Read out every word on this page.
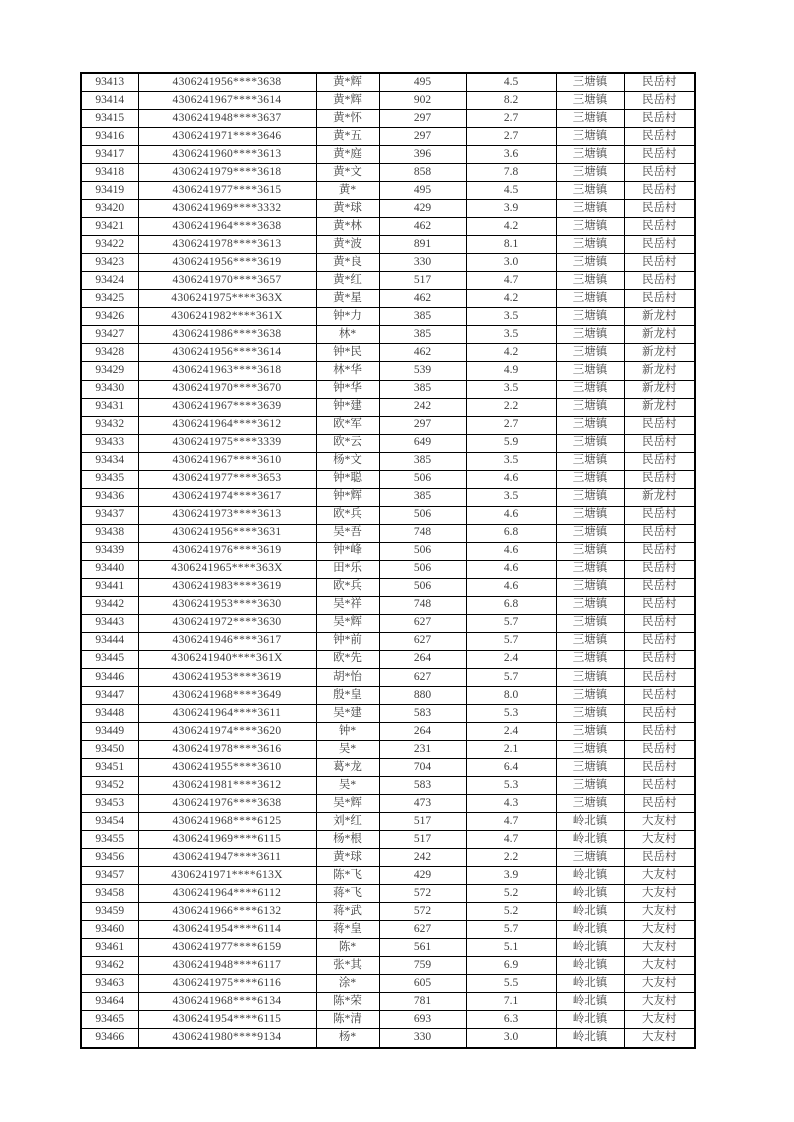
93413	4306241956****3638	黄*辉	495	4.5	三塘镇	民岳村
93414	4306241967****3614	黄*辉	902	8.2	三塘镇	民岳村
93415	4306241948****3637	黄*怀	297	2.7	三塘镇	民岳村
93416	4306241971****3646	黄*五	297	2.7	三塘镇	民岳村
93417	4306241960****3613	黄*庭	396	3.6	三塘镇	民岳村
93418	4306241979****3618	黄*文	858	7.8	三塘镇	民岳村
93419	4306241977****3615	黄*	495	4.5	三塘镇	民岳村
93420	4306241969****3332	黄*球	429	3.9	三塘镇	民岳村
93421	4306241964****3638	黄*林	462	4.2	三塘镇	民岳村
93422	4306241978****3613	黄*波	891	8.1	三塘镇	民岳村
93423	4306241956****3619	黄*良	330	3.0	三塘镇	民岳村
93424	4306241970****3657	黄*红	517	4.7	三塘镇	民岳村
93425	4306241975****363X	黄*星	462	4.2	三塘镇	民岳村
93426	4306241982****361X	钟*力	385	3.5	三塘镇	新龙村
93427	4306241986****3638	林*	385	3.5	三塘镇	新龙村
93428	4306241956****3614	钟*民	462	4.2	三塘镇	新龙村
93429	4306241963****3618	林*华	539	4.9	三塘镇	新龙村
93430	4306241970****3670	钟*华	385	3.5	三塘镇	新龙村
93431	4306241967****3639	钟*建	242	2.2	三塘镇	新龙村
93432	4306241964****3612	欧*军	297	2.7	三塘镇	民岳村
93433	4306241975****3339	欧*云	649	5.9	三塘镇	民岳村
93434	4306241967****3610	杨*文	385	3.5	三塘镇	民岳村
93435	4306241977****3653	钟*聪	506	4.6	三塘镇	民岳村
93436	4306241974****3617	钟*辉	385	3.5	三塘镇	新龙村
93437	4306241973****3613	欧*兵	506	4.6	三塘镇	民岳村
93438	4306241956****3631	吴*吾	748	6.8	三塘镇	民岳村
93439	4306241976****3619	钟*峰	506	4.6	三塘镇	民岳村
93440	4306241965****363X	田*乐	506	4.6	三塘镇	民岳村
93441	4306241983****3619	欧*兵	506	4.6	三塘镇	民岳村
93442	4306241953****3630	吴*祥	748	6.8	三塘镇	民岳村
93443	4306241972****3630	吴*辉	627	5.7	三塘镇	民岳村
93444	4306241946****3617	钟*前	627	5.7	三塘镇	民岳村
93445	4306241940****361X	欧*先	264	2.4	三塘镇	民岳村
93446	4306241953****3619	胡*怡	627	5.7	三塘镇	民岳村
93447	4306241968****3649	殷*皇	880	8.0	三塘镇	民岳村
93448	4306241964****3611	吴*建	583	5.3	三塘镇	民岳村
93449	4306241974****3620	钟*	264	2.4	三塘镇	民岳村
93450	4306241978****3616	吴*	231	2.1	三塘镇	民岳村
93451	4306241955****3610	葛*龙	704	6.4	三塘镇	民岳村
93452	4306241981****3612	吴*	583	5.3	三塘镇	民岳村
93453	4306241976****3638	吴*辉	473	4.3	三塘镇	民岳村
93454	4306241968****6125	刘*红	517	4.7	岭北镇	大友村
93455	4306241969****6115	杨*根	517	4.7	岭北镇	大友村
93456	4306241947****3611	黄*球	242	2.2	三塘镇	民岳村
93457	4306241971****613X	陈*飞	429	3.9	岭北镇	大友村
93458	4306241964****6112	蒋*飞	572	5.2	岭北镇	大友村
93459	4306241966****6132	蒋*武	572	5.2	岭北镇	大友村
93460	4306241954****6114	蒋*皇	627	5.7	岭北镇	大友村
93461	4306241977****6159	陈*	561	5.1	岭北镇	大友村
93462	4306241948****6117	张*其	759	6.9	岭北镇	大友村
93463	4306241975****6116	涂*	605	5.5	岭北镇	大友村
93464	4306241968****6134	陈*荣	781	7.1	岭北镇	大友村
93465	4306241954****6115	陈*清	693	6.3	岭北镇	大友村
93466	4306241980****9134	杨*	330	3.0	岭北镇	大友村
